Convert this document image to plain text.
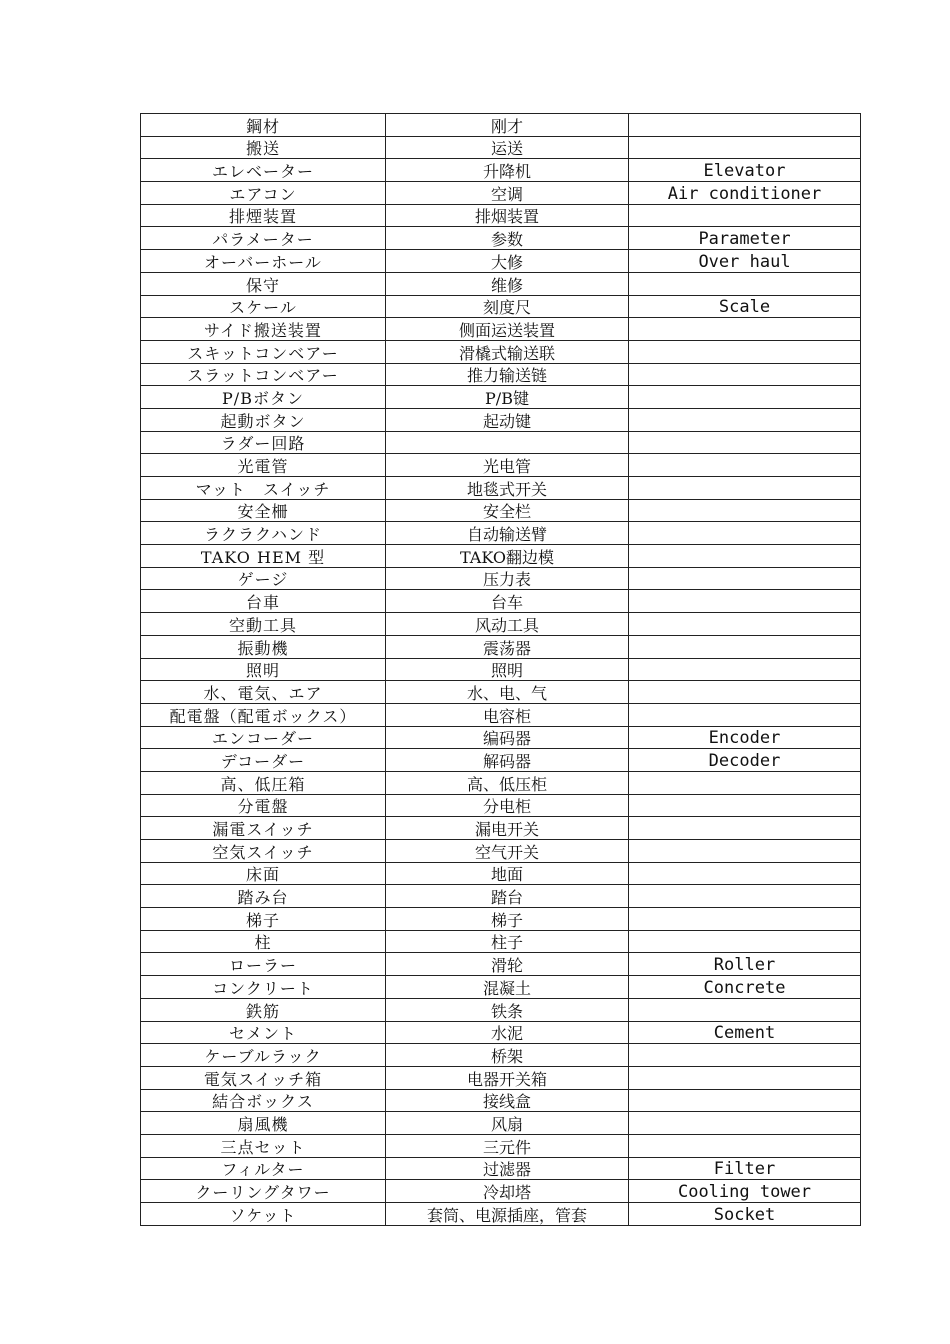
鋼材	刚才	
搬送	运送	
エレベーター	升降机	Elevator
エアコン	空调	Air conditioner
排煙装置	排烟装置	
パラメーター	参数	Parameter
オーバーホール	大修	Over haul
保守	维修	
スケール	刻度尺	Scale
サイド搬送装置	侧面运送装置	
スキットコンベアー	滑橇式输送联	
スラットコンベアー	推力输送链	
P/Bボタン	P/B键	
起動ボタン	起动键	
ラダー回路		
光電管	光电管	
マット　スイッチ	地毯式开关	
安全柵	安全栏	
ラクラクハンド	自动输送臂	
TAKO HEM 型	TAKO翻边模	
ゲージ	压力表	
台車	台车	
空動工具	风动工具	
振動機	震荡器	
照明	照明	
水、電気、エア	水、电、气	
配電盤（配電ボックス）	电容柜	
エンコーダー	编码器	Encoder
デコーダー	解码器	Decoder
高、低圧箱	高、低压柜	
分電盤	分电柜	
漏電スイッチ	漏电开关	
空気スイッチ	空气开关	
床面	地面	
踏み台	踏台	
梯子	梯子	
柱	柱子	
ローラー	滑轮	Roller
コンクリート	混凝土	Concrete
鉄筋	铁条	
セメント	水泥	Cement
ケーブルラック	桥架	
電気スイッチ箱	电器开关箱	
結合ボックス	接线盒	
扇風機	风扇	
三点セット	三元件	
フィルター	过滤器	Filter
クーリングタワー	冷却塔	Cooling tower
ソケット	套筒、电源插座，管套	Socket
